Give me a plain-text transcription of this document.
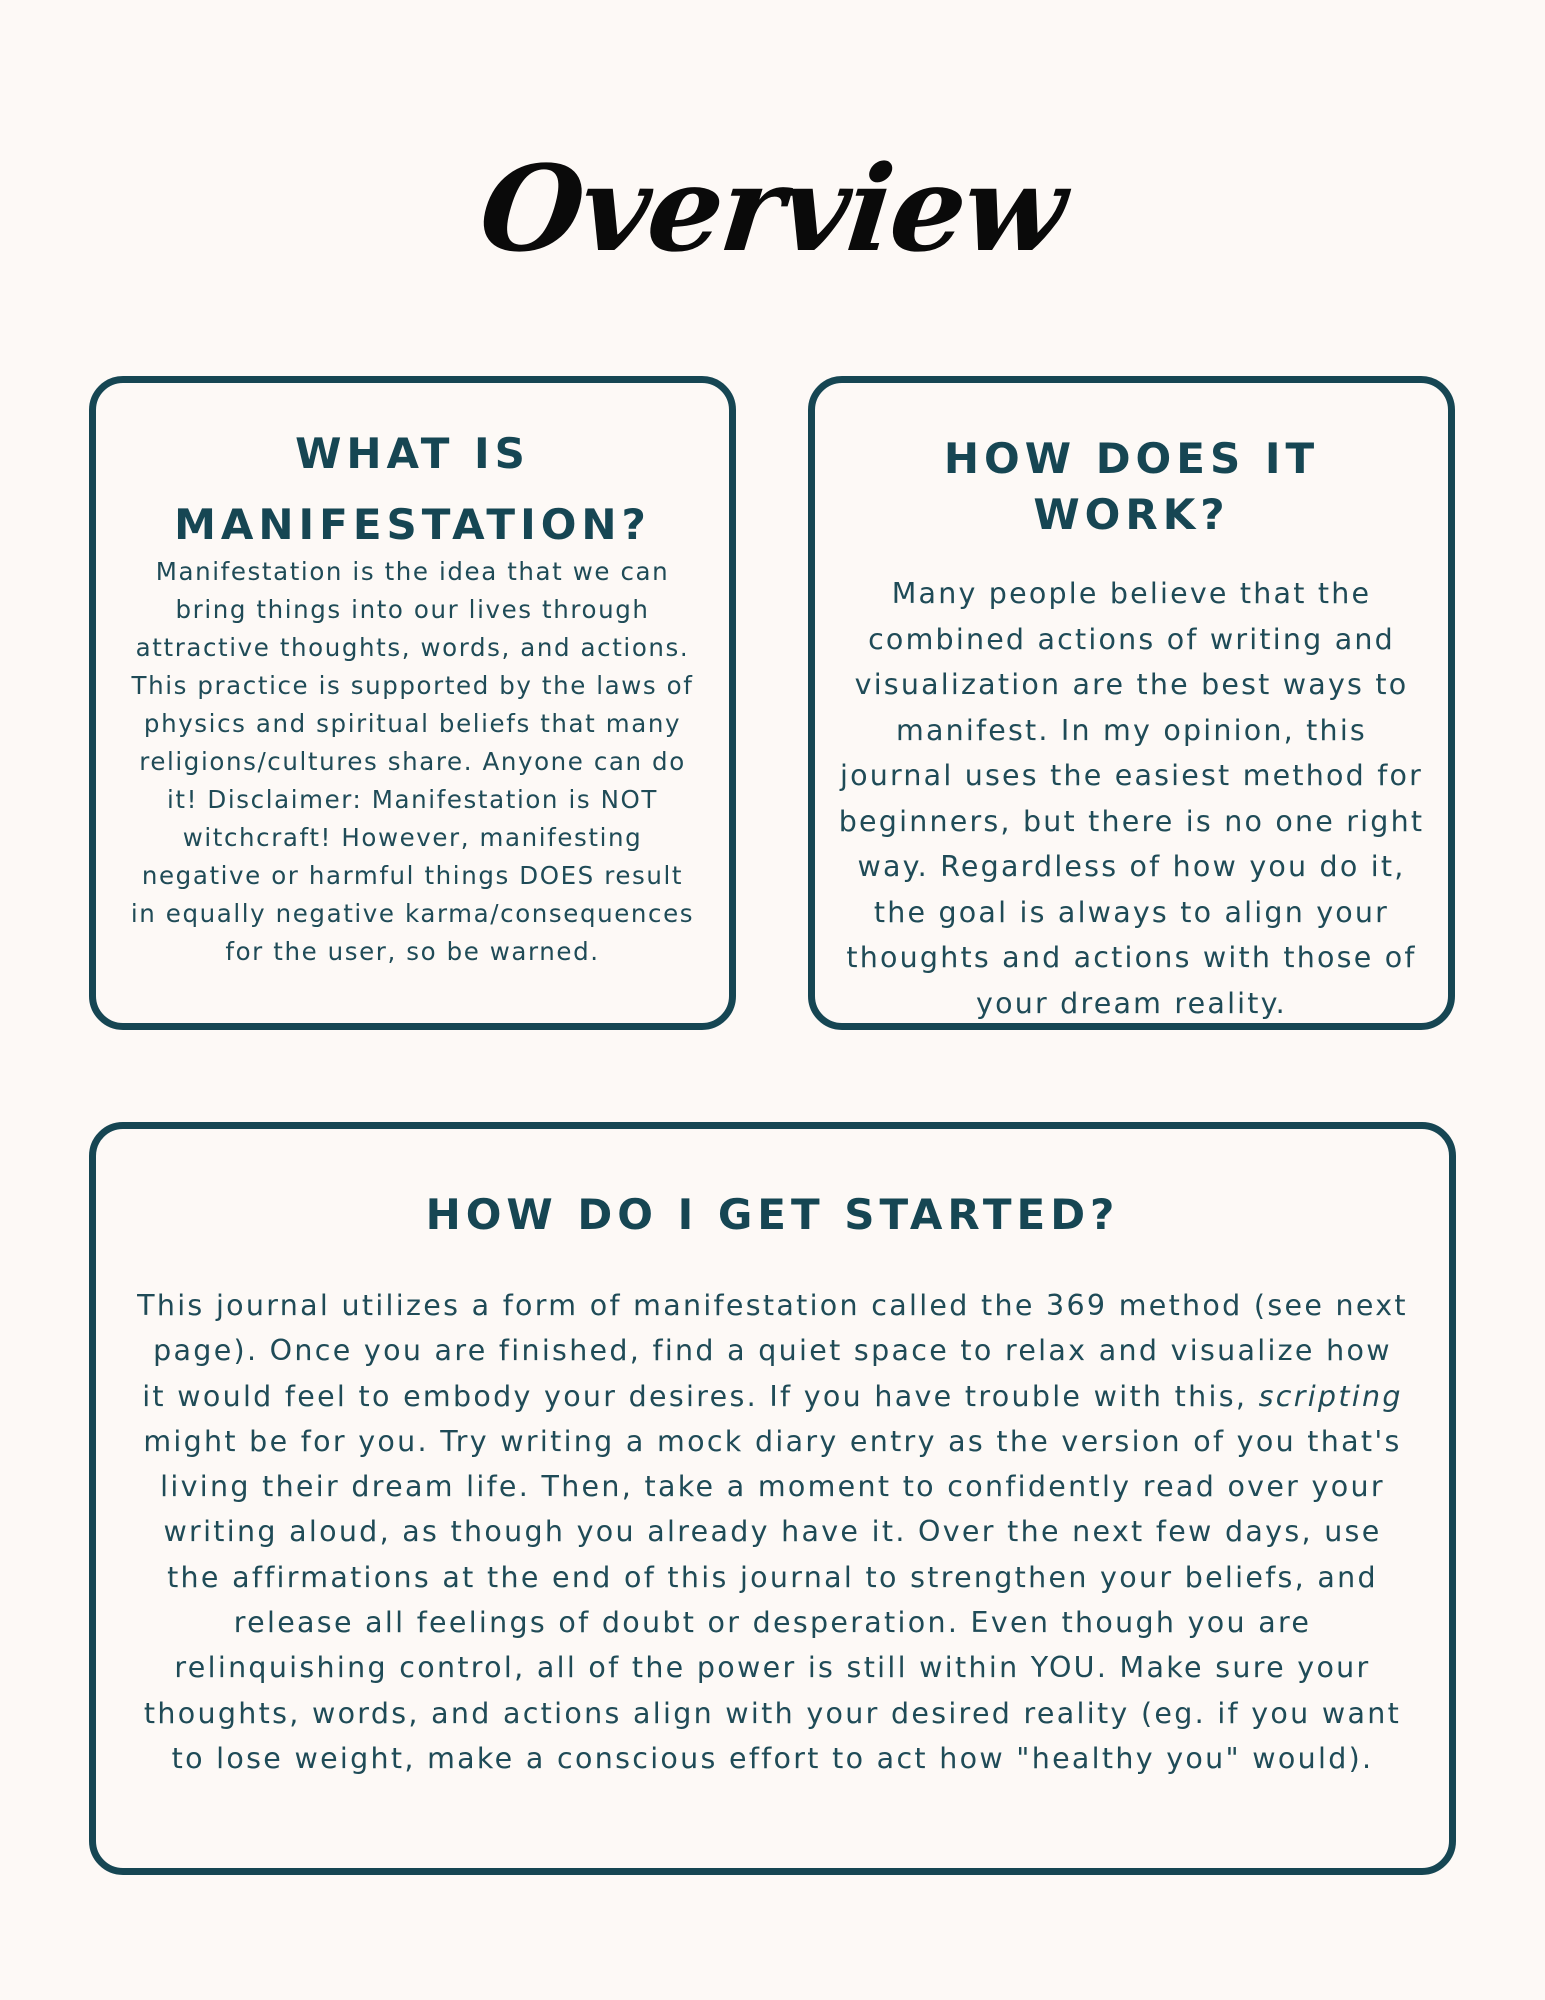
Overview
WHAT IS
MANIFESTATION?

Manifestation is the idea that we can bring things into our lives through attractive thoughts, words, and actions. This practice is supported by the laws of physics and spiritual beliefs that many religions/cultures share. Anyone can do it! Disclaimer: Manifestation is NOT witchcraft! However, manifesting negative or harmful things DOES result in equally negative karma/consequences for the user, so be warned.

HOW DOES IT WORK?

Many people believe that the combined actions of writing and visualization are the best ways to manifest. In my opinion, this journal uses the easiest method for beginners, but there is no one right way. Regardless of how you do it, the goal is always to align your thoughts and actions with those of your dream reality.

HOW DO I GET STARTED?

This journal utilizes a form of manifestation called the 369 method (see next page). Once you are finished, find a quiet space to relax and visualize how it would feel to embody your desires. If you have trouble with this, scripting might be for you. Try writing a mock diary entry as the version of you that's living their dream life. Then, take a moment to confidently read over your writing aloud, as though you already have it. Over the next few days, use the affirmations at the end of this journal to strengthen your beliefs, and release all feelings of doubt or desperation. Even though you are relinquishing control, all of the power is still within YOU. Make sure your thoughts, words, and actions align with your desired reality (eg. if you want to lose weight, make a conscious effort to act how "healthy you" would).
